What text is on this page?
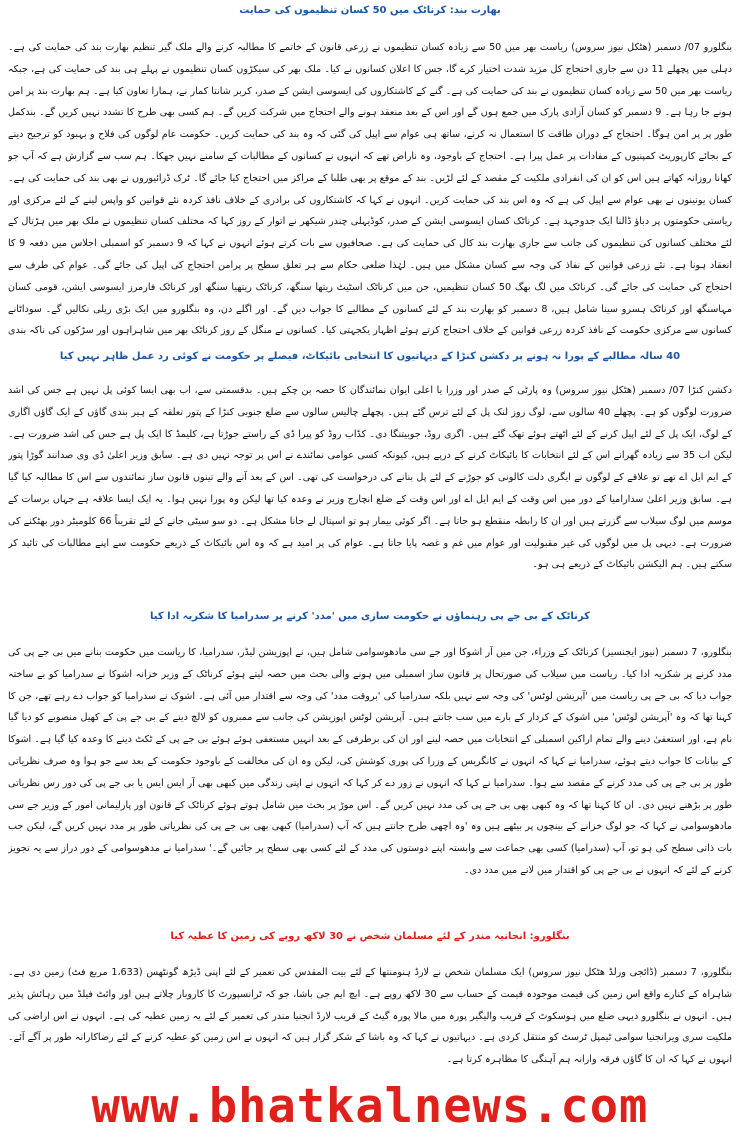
بھارت بند: کرناٹک میں 50 کسان تنظیموں کی حمایت
بنگلورو 07/ دسمبر (ھٹکل نیوز سروس) ریاست بھر میں 50 سے زیادہ کسان تنظیموں نے زرعی قانون کے خاتمے کا مطالبہ کرنے والے ملک گیر تنظیم بھارت بند کی حمایت کی ہے۔ دہلی میں پچھلے 11 دن سے جاری احتجاج کل مزید شدت اختیار کرے گا، جس کا اعلان کسانوں نے کیا۔ ملک بھر کی سیکڑوں کسان تنظیموں نے پہلے ہی بند کی حمایت کی ہے، جبکہ ریاست بھر میں 50 سے زیادہ کسان تنظیموں نے بند کی حمایت کی ہے۔ گنے کے کاشتکاروں کی ایسوسی ایشن کے صدر، کربر شانتا کمار نے، ہمارا تعاون کیا ہے۔ ہم بھارت بند پر امن ہونے جا رہا ہے۔ 9 دسمبر کو کسان آزادی پارک میں جمع ہوں گے اور اس کے بعد منعقد ہونے والے احتجاج میں شرکت کریں گے۔ ہم کسی بھی طرح کا تشدد نہیں کریں گے۔ بندکمل طور پر پر امن ہوگا۔ احتجاج کے دوران طاقت کا استعمال نہ کرنے، ساتھ ہی عوام سے اپیل کی گئی کہ وہ بند کی حمایت کریں۔ حکومت عام لوگوں کی فلاح و بہبود کو ترجیح دینے کے بجائے کارپوریٹ کمپنیوں کے مفادات پر عمل پیرا ہے۔ احتجاج کے باوجود، وہ ناراض تھے کہ انہوں نے کسانوں کے مطالبات کے سامنے نہیں جھکا۔ ہم سب سے گزارش ہے کہ آپ جو کھانا روزانہ کھاتے ہیں اس کو ان کی انفرادی ملکیت کے مقصد کے لئے لڑیں۔ بند کے موقع پر بھی طلبا کے مراکز میں احتجاج کیا جائے گا۔ ٹرک ڈرائیوروں نے بھی بند کی حمایت کی ہے۔ کسان یونینوں نے بھی عوام سے اپیل کی ہے کہ وہ اس بند کی حمایت کریں۔ انہوں نے کہا کہ کاشتکاروں کی برادری کے خلاف نافذ کردہ نئے قوانین کو واپس لینے کے لئے مرکزی اور ریاستی حکومتوں پر دباؤ ڈالنا ایک جدوجہد ہے۔ کرناٹک کسان ایسوسی ایشن کے صدر، کوڈیہلی چندر شیکھر نے اتوار کے روز کہا کہ مختلف کسان تنظیموں نے ملک بھر میں ہڑتال کے لئے مختلف کسانوں کی تنظیموں کی جانب سے جاری بھارت بند کال کی حمایت کی ہے۔ صحافیوں سے بات کرتے ہوئے انہوں نے کہا کہ 9 دسمبر کو اسمبلی اجلاس میں دفعہ 9 کا انعقاد ہونا ہے۔ نئے زرعی قوانین کے نفاذ کی وجہ سے کسان مشکل میں ہیں۔ لہٰذا ضلعی حکام سے ہر تعلق سطح پر پرامن احتجاج کی اپیل کی جائے گی۔ عوام کی طرف سے احتجاج کی حمایت کی جائے گی۔ کرناٹک میں لگ بھگ 50 کسان تنظیمیں، جن میں کرناٹک اسٹیٹ ریتھا سنگھ، کرناٹک ریتھیا سنگھ اور کرناٹک فارمرز ایسوسی ایشن، قومی کسان مہاسنگھ اور کرناٹک ہسرو سینا شامل ہیں، 8 دسمبر کو بھارت بند کے لئے کسانوں کے مطالبے کا جواب دیں گے۔ اور اگلے دن، وہ بنگلورو میں ایک بڑی ریلی نکالیں گے۔ سوداٹانے کسانوں سے مرکزی حکومت کے نافذ کردہ زرعی قوانین کے خلاف احتجاج کرتے ہوئے اظہار یکجہتی کیا۔ کسانوں نے منگل کے روز کرناٹک بھر میں شاہراہوں اور سڑکوں کی ناکہ بندی
40 سالہ مطالبے کے پورا نہ ہونے پر دکشن کنڑا کے دیہاتیوں کا انتخابی بائیکاٹ، فیصلے پر حکومت نے کوئی رد عمل ظاہر نہیں کیا
دکشن کنڑا 07/ دسمبر (ھٹکل نیوز سروس) وہ پارٹی کے صدر اور وزرا یا اعلی ایوان نمائندگان کا حصہ بن چکے ہیں۔ بدقسمتی سے، اب بھی ایسا کوئی پل نہیں ہے جس کی اشد ضرورت لوگوں کو ہے۔ پچھلے 40 سالوں سے، لوگ روز لنک پل کے لئے ترس گئے ہیں۔ پچھلے چالیس سالوں سے ضلع جنوبی کنڑا کے پتور تعلقہ کے ہیر بندی گاؤں کے ایک گاؤں اگاری کے لوگ، ایک پل کے لئے اپیل کرنے کے لئے اٹھتے ہوئے تھک گئے ہیں۔ اگری روڈ، جوبیتنگا دی۔ کڈاب روڈ کو پیرا ڈی کے راستے جوڑتا ہے، کلیمڈ کا ایک پل ہے جس کی اشد ضرورت ہے۔ لیکن اب 35 سے زیادہ گھرانے اس کے لئے انتخابات کا بائیکاٹ کرنے کے درپے ہیں، کیونکہ کسی عوامی نمائندے نے اس پر توجہ نہیں دی ہے۔ سابق وزیر اعلیٰ ڈی وی صدانند گوڑا پتور کے ایم ایل اے تھے تو علاقے کے لوگوں نے ایگری دلت کالونی کو جوڑنے کے لئے پل بنانے کی درخواست کی تھی۔ اس کے بعد آنے والے تینوں قانون ساز نمائندوں سے اس کا مطالبہ کیا گیا ہے۔ سابق وزیر اعلیٰ سدارامیا کے دور میں اس وقت کے ایم ایل اے اور اس وقت کے ضلع انچارج وزیر نے وعدہ کیا تھا لیکن وہ پورا نہیں ہوا۔ یہ ایک ایسا علاقہ ہے جہاں برسات کے موسم میں لوگ سیلاب سے گزرتے ہیں اور ان کا رابطہ منقطع ہو جاتا ہے۔ اگر کوئی بیمار ہو تو اسپتال لے جانا مشکل ہے۔ دو سو سیٹی جانے کے لئے تقریباً 66 کلومیٹر دور بھٹکنے کی ضرورت ہے۔ دیہی پل میں لوگوں کی غیر مقبولیت اور عوام میں غم و غصہ پایا جاتا ہے۔ عوام کی پر امید ہے کہ وہ اس بائیکاٹ کے ذریعے حکومت سے اپنے مطالبات کی تائید کر سکتے ہیں۔ ہم الیکشن بائیکاٹ کے ذریعے ہی ہو۔
کرناٹک کے بی جے پی رہنماؤں نے حکومت سازی میں 'مدد' کرنے پر سدرامیا کا شکریہ ادا کیا
بنگلورو، 7 دسمبر (نیوز ایجنسیز) کرناٹک کے وزراء، جن میں آر اشوکا اور جے سی مادھوسوامی شامل ہیں، نے اپوزیشن لیڈر، سدرامیا، کا ریاست میں حکومت بنانے میں بی جے پی کی مدد کرنے پر شکریہ ادا کیا۔ ریاست میں سیلاب کی صورتحال پر قانون ساز اسمبلی میں ہونے والی بحث میں حصہ لیتے ہوئے کرناٹک کے وزیر خزانہ اشوکا نے سدرامیا کو بے ساختہ جواب دیا کہ بی جے پی ریاست میں 'آپریشن لوٹس' کی وجہ سے نہیں بلکہ سدرامیا کی 'بروقت مدد' کی وجہ سے اقتدار میں آئی ہے۔ اشوک نے سدرامیا کو جواب دے رہے تھے، جن کا کہنا تھا کہ وہ 'آپریشن لوٹس' میں اشوک کے کردار کے بارے میں سب جانتے ہیں۔ آپریشن لوٹس اپوزیشن کی جانب سے ممبروں کو لالچ دینے کے بی جے پی کے کھیل منصوبے کو دیا گیا نام ہے، اور استعفیٰ دینے والے تمام اراکین اسمبلی کے انتخابات میں حصہ لینے اور ان کی برطرفی کے بعد انہیں مستعفی ہوئے ہوئے بی جے پی کے ٹکٹ دینے کا وعدہ کیا گیا ہے۔ اشوکا کے بیانات کا جواب دیتے ہوئے، سدرامیا نے کہا کہ انہوں نے کانگریس کے وزرا کی پوری کوشش کی، لیکن وہ ان کی مخالفت کے باوجود حکومت کے بعد سے جو ہوا وہ صرف نظریاتی طور پر بی جے پی کی مدد کرنے کے مقصد سے ہوا۔ سدرامیا نے کہا کہ انہوں نے زور دے کر کہا کہ انہوں نے اپنی زندگی میں کبھی بھی آر ایس ایس یا بی جے پی کی دور رس نظریاتی طور پر بڑھنے نہیں دی۔ ان کا کہنا تھا کہ وہ کبھی بھی بی جے پی کی مدد نہیں کریں گے۔ اس موڑ پر بحث میں شامل ہوتے ہوئے کرناٹک کے قانون اور پارلیمانی امور کے وزیر جے سی مادھوسوامی نے کہا کہ جو لوگ خزانے کے بینچوں پر بیٹھے ہیں وہ 'وہ اچھی طرح جانتے ہیں کہ آپ (سدرامیا) کبھی بھی بی جے پی کی نظریاتی طور پر مدد نہیں کریں گے، لیکن جب بات ذاتی سطح کی ہو تو، آپ (سدرامیا) کسی بھی جماعت سے وابستہ اپنے دوستوں کی مدد کے لئے کسی بھی سطح پر جائیں گے۔' سدرامیا نے مدھوسوامی کے دور دراز سے یہ تجویز کرنے کے لئے کہ انہوں نے بی جے پی کو اقتدار میں لانے میں مدد دی۔
بنگلورو: انجانیہ مندر کے لئے مسلمان شخص نے 30 لاکھ روپے کی زمین کا عطیہ کیا
بنگلورو، 7 دسمبر (ڈائجی ورلڈ ھٹکل نیوز سروس) ایک مسلمان شخص نے لارڈ ہنومنتھا کے لئے بیت المقدس کی تعمیر کے لئے اپنی ڈیڑھ گونٹھس (1،633 مربع فٹ) زمین دی ہے۔ شاہراہ کے کنارے واقع اس زمین کی قیمت موجودہ قیمت کے حساب سے 30 لاکھ روپے ہے۔ ایچ ایم جی باشا، جو کہ ٹرانسپورٹ کا کاروبار چلاتے ہیں اور وائٹ فیلڈ میں رہائش پذیر ہیں۔ انہوں نے بنگلورو دیہی ضلع میں ہوسکوٹ کے قریب والیگیر پورہ میں مالا پورہ گیٹ کے قریب لارڈ انجنیا مندر کی تعمیر کے لئے یہ زمین عطیہ کی ہے۔ انہوں نے اس اراضی کی ملکیت سری ویرانجنیا سوامی ٹیمپل ٹرسٹ کو منتقل کردی ہے۔ دیہاتیوں نے کہا کہ وہ باشا کے شکر گزار ہیں کہ انہوں نے اس زمین کو عطیہ کرنے کے لئے رضاکارانہ طور پر آگے آئے۔ انہوں نے کہا کہ ان کا گاؤں فرقہ وارانہ ہم آہنگی کا مظاہرہ کرتا ہے۔
www.bhatkalnews.com
